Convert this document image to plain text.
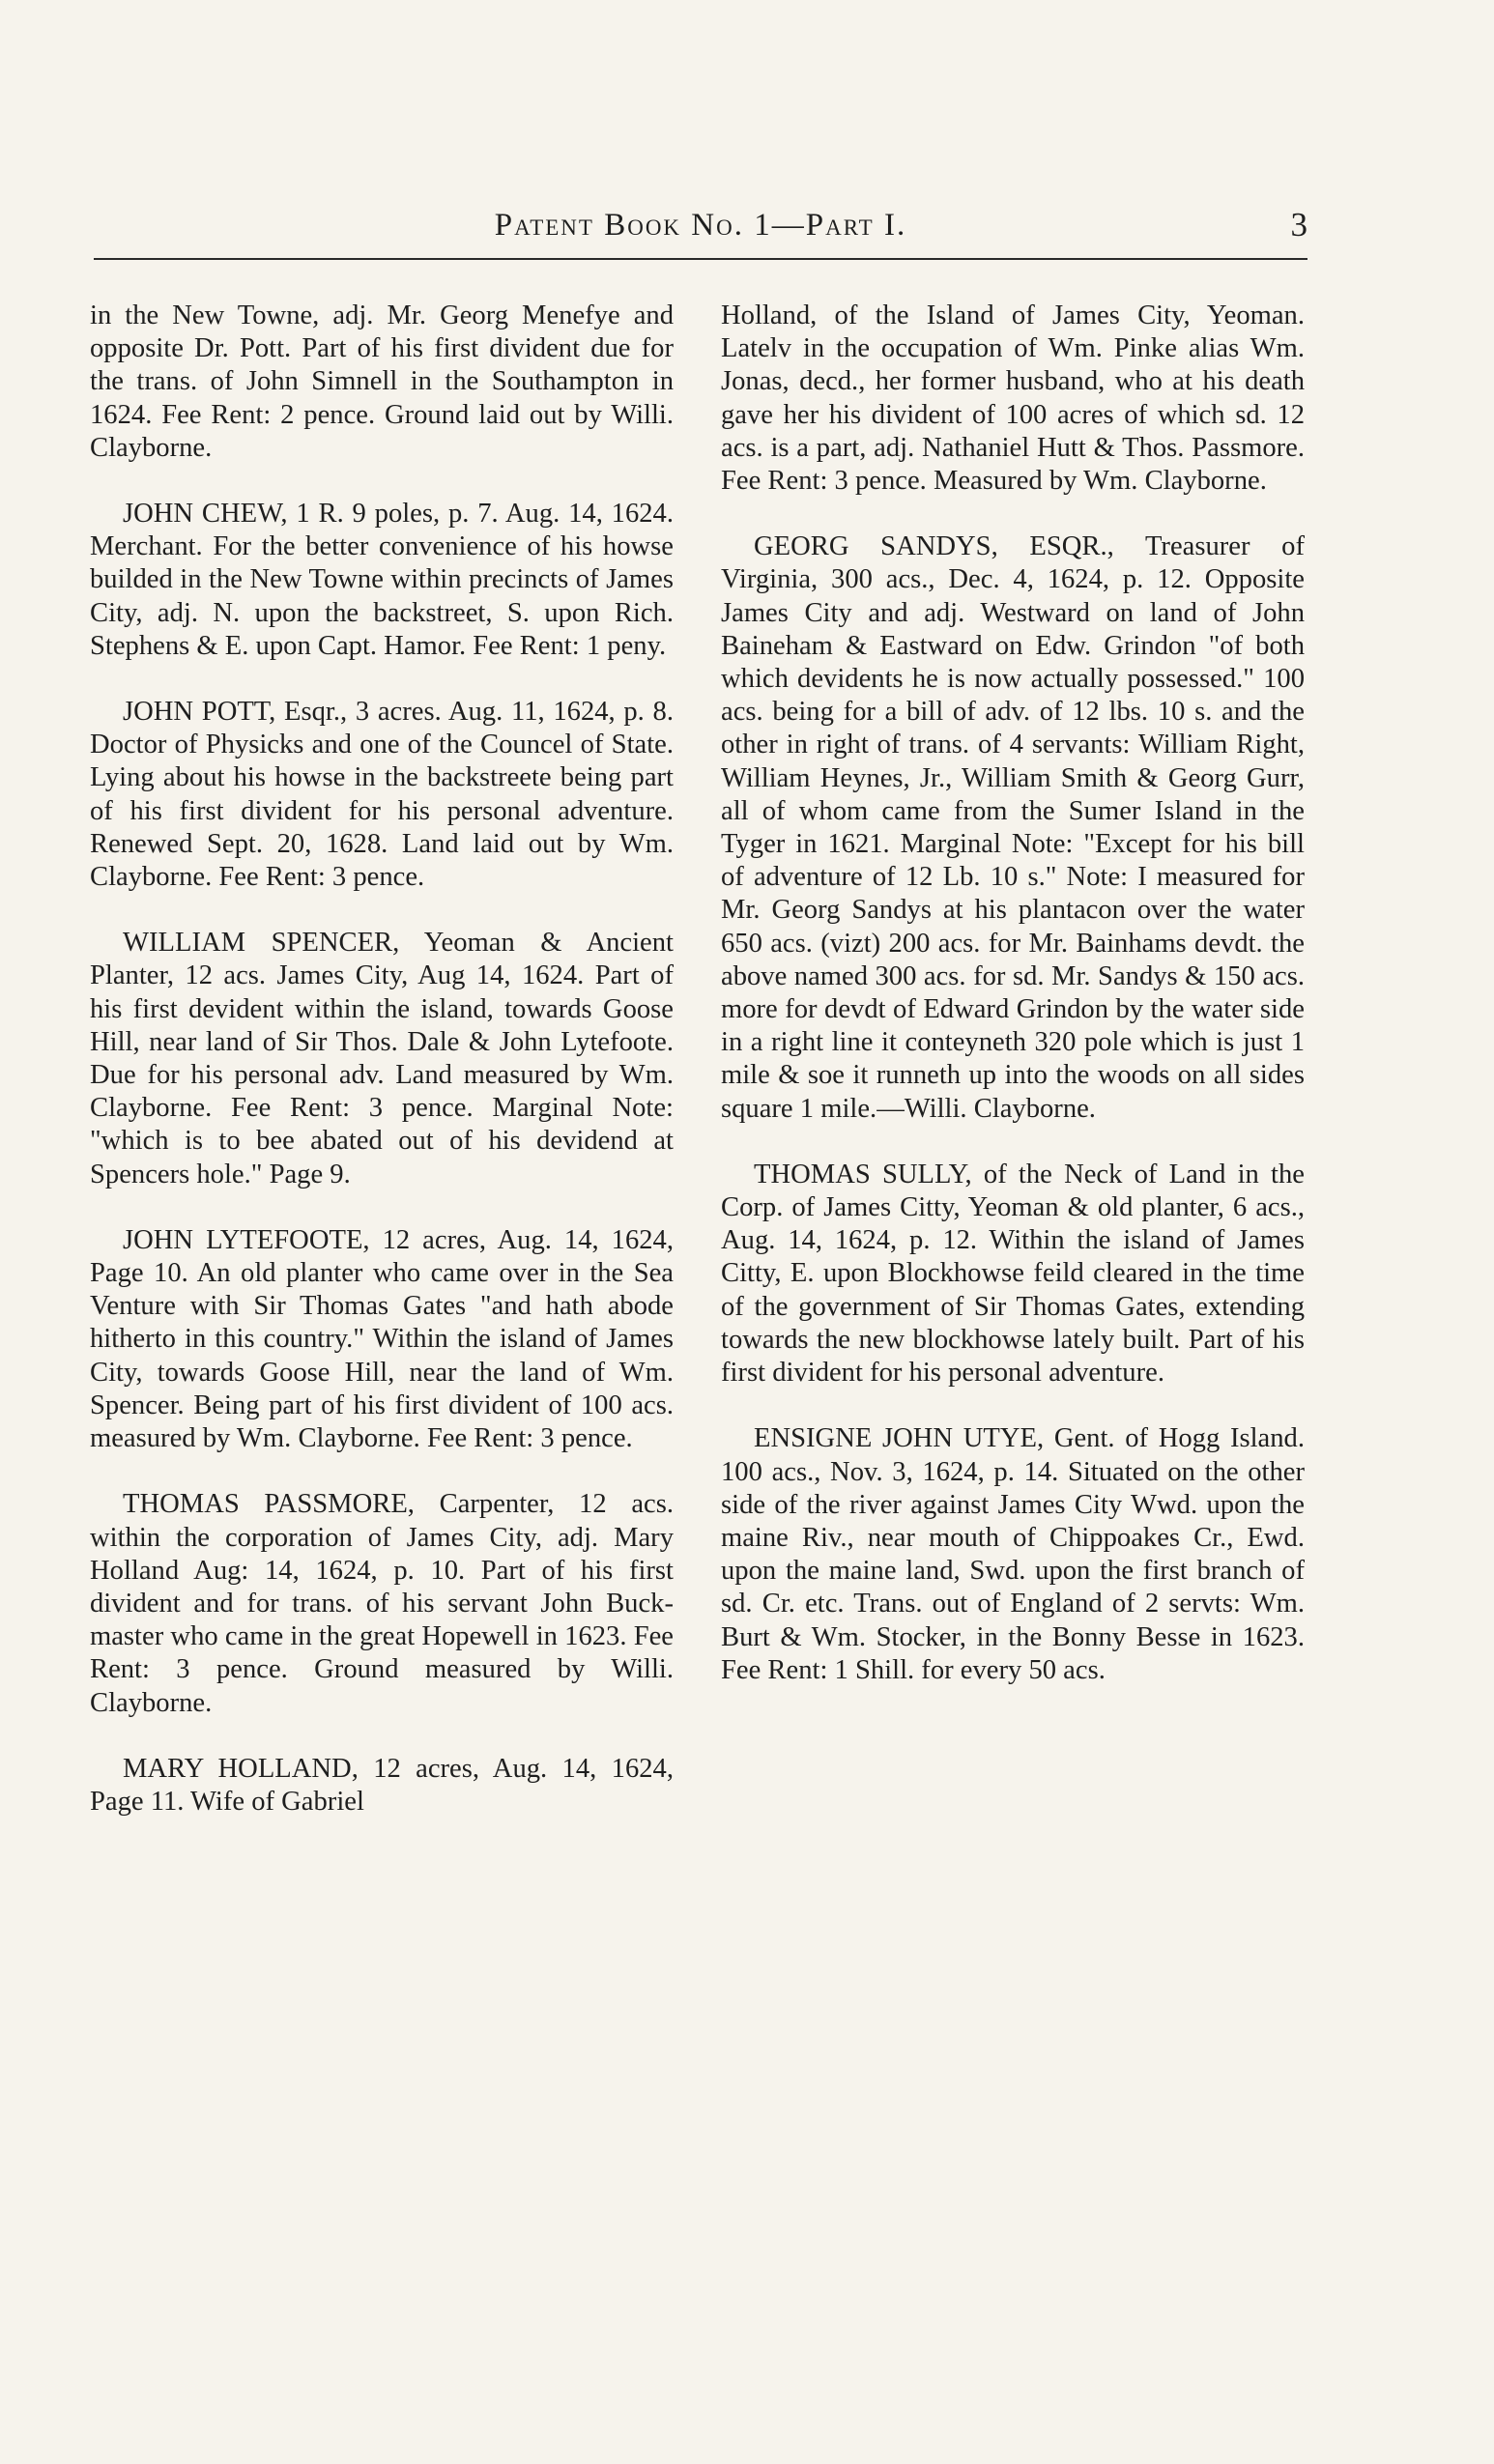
Patent Book No. 1—Part I.	3

in the New Towne, adj. Mr. Georg Menefye and opposite Dr. Pott. Part of his first divident due for the trans. of John Simnell in the Southampton in 1624. Fee Rent: 2 pence. Ground laid out by Willi. Clayborne.

JOHN CHEW, 1 R. 9 poles, p. 7. Aug. 14, 1624. Merchant. For the better convenience of his howse builded in the New Towne within precincts of James City, adj. N. upon the backstreet, S. upon Rich. Stephens & E. upon Capt. Hamor. Fee Rent: 1 peny.

JOHN POTT, Esqr., 3 acres. Aug. 11, 1624, p. 8. Doctor of Physicks and one of the Councel of State. Lying about his howse in the backstreete being part of his first divident for his personal adventure. Renewed Sept. 20, 1628. Land laid out by Wm. Clayborne. Fee Rent: 3 pence.

WILLIAM SPENCER, Yeoman & Ancient Planter, 12 acs. James City, Aug 14, 1624. Part of his first devident within the island, towards Goose Hill, near land of Sir Thos. Dale & John Lytefoote. Due for his personal adv. Land measured by Wm. Clayborne. Fee Rent: 3 pence. Marginal Note: "which is to bee abated out of his devidend at Spencers hole." Page 9.

JOHN LYTEFOOTE, 12 acres, Aug. 14, 1624, Page 10. An old planter who came over in the Sea Venture with Sir Thomas Gates "and hath abode hitherto in this country." Within the island of James City, towards Goose Hill, near the land of Wm. Spencer. Being part of his first divident of 100 acs. measured by Wm. Clayborne. Fee Rent: 3 pence.

THOMAS PASSMORE, Carpenter, 12 acs. within the corporation of James City, adj. Mary Holland Aug: 14, 1624, p. 10. Part of his first divident and for trans. of his servant John Buckmaster who came in the great Hopewell in 1623. Fee Rent: 3 pence. Ground measured by Willi. Clayborne.

MARY HOLLAND, 12 acres, Aug. 14, 1624, Page 11. Wife of Gabriel

Holland, of the Island of James City, Yeoman. Latelv in the occupation of Wm. Pinke alias Wm. Jonas, decd., her former husband, who at his death gave her his divident of 100 acres of which sd. 12 acs. is a part, adj. Nathaniel Hutt & Thos. Passmore. Fee Rent: 3 pence. Measured by Wm. Clayborne.

GEORG SANDYS, ESQR., Treasurer of Virginia, 300 acs., Dec. 4, 1624, p. 12. Opposite James City and adj. Westward on land of John Baineham & Eastward on Edw. Grindon "of both which devidents he is now actually possessed." 100 acs. being for a bill of adv. of 12 lbs. 10 s. and the other in right of trans. of 4 servants: William Right, William Heynes, Jr., William Smith & Georg Gurr, all of whom came from the Sumer Island in the Tyger in 1621. Marginal Note: "Except for his bill of adventure of 12 Lb. 10 s." Note: I measured for Mr. Georg Sandys at his plantacon over the water 650 acs. (vizt) 200 acs. for Mr. Bainhams devdt. the above named 300 acs. for sd. Mr. Sandys & 150 acs. more for devdt of Edward Grindon by the water side in a right line it conteyneth 320 pole which is just 1 mile & soe it runneth up into the woods on all sides square 1 mile.—Willi. Clayborne.

THOMAS SULLY, of the Neck of Land in the Corp. of James Citty, Yeoman & old planter, 6 acs., Aug. 14, 1624, p. 12. Within the island of James Citty, E. upon Blockhowse feild cleared in the time of the government of Sir Thomas Gates, extending towards the new blockhowse lately built. Part of his first divident for his personal adventure.

ENSIGNE JOHN UTYE, Gent. of Hogg Island. 100 acs., Nov. 3, 1624, p. 14. Situated on the other side of the river against James City Wwd. upon the maine Riv., near mouth of Chippoakes Cr., Ewd. upon the maine land, Swd. upon the first branch of sd. Cr. etc. Trans. out of England of 2 servts: Wm. Burt & Wm. Stocker, in the Bonny Besse in 1623. Fee Rent: 1 Shill. for every 50 acs.
